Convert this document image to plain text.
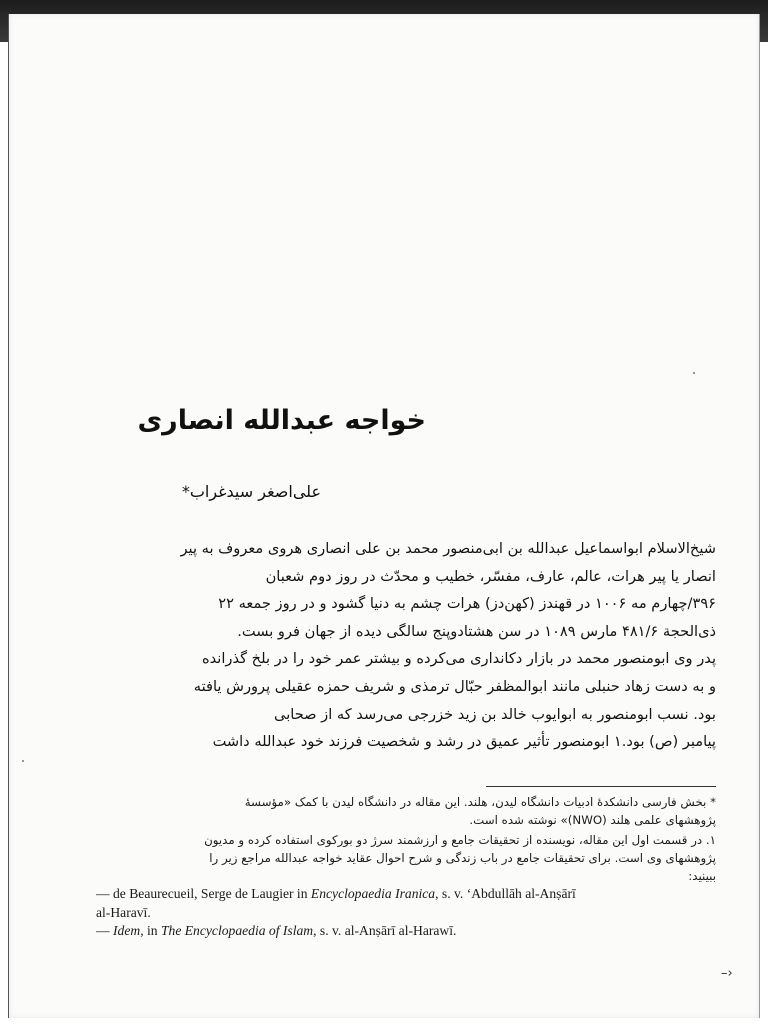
خواجه عبدالله انصاری
علی‌اصغر سیدغراب*
شیخ‌الاسلام ابواسماعیل عبدالله بن ابی‌منصور محمد بن علی انصاری هروی معروف به پیر
انصار یا پیر هرات، عالم، عارف، مفسّر، خطیب و محدّث در روز دوم شعبان
۳۹۶/چهارم مه ۱۰۰۶ در قهندز (کهن‌دز) هرات چشم به دنیا گشود و در روز جمعه ۲۲
ذی‌الحجة ۴۸۱/۶ مارس ۱۰۸۹ در سن هشتادوپنج سالگی دیده از جهان فرو بست.
پدر وی ابومنصور محمد در بازار دکانداری می‌کرده و بیشتر عمر خود را در بلخ گذرانده
و به دست زهاد حنبلی مانند ابوالمظفر حبّال ترمذی و شریف حمزه عقیلی پرورش یافته
بود. نسب ابومنصور به ابوایوب خالد بن زید خزرجی می‌رسد که از صحابی
پیامبر (ص) بود.۱ ابومنصور تأثیر عمیق در رشد و شخصیت فرزند خود عبدالله داشت
* بخش فارسی دانشکدهٔ ادبیات دانشگاه لیدن، هلند. این مقاله در دانشگاه لیدن با کمک «مؤسسهٔ
پژوهشهای علمی هلند (NWO)» نوشته شده است.
۱. در قسمت اول این مقاله، نویسنده از تحقیقات جامع و ارزشمند سرژ دو بورکوی استفاده کرده و مدیون
پژوهشهای وی است. برای تحقیقات جامع در باب زندگی و شرح احوال عقاید خواجه عبدالله مراجع زیر را
ببینید:
— de Beaurecueil, Serge de Laugier in Encyclopaedia Iranica, s. v. ‘Abdullāh al-Anṣārī
al-Haravī.
— Idem, in The Encyclopaedia of Islam, s. v. al-Anṣārī al-Harawī.
–›
